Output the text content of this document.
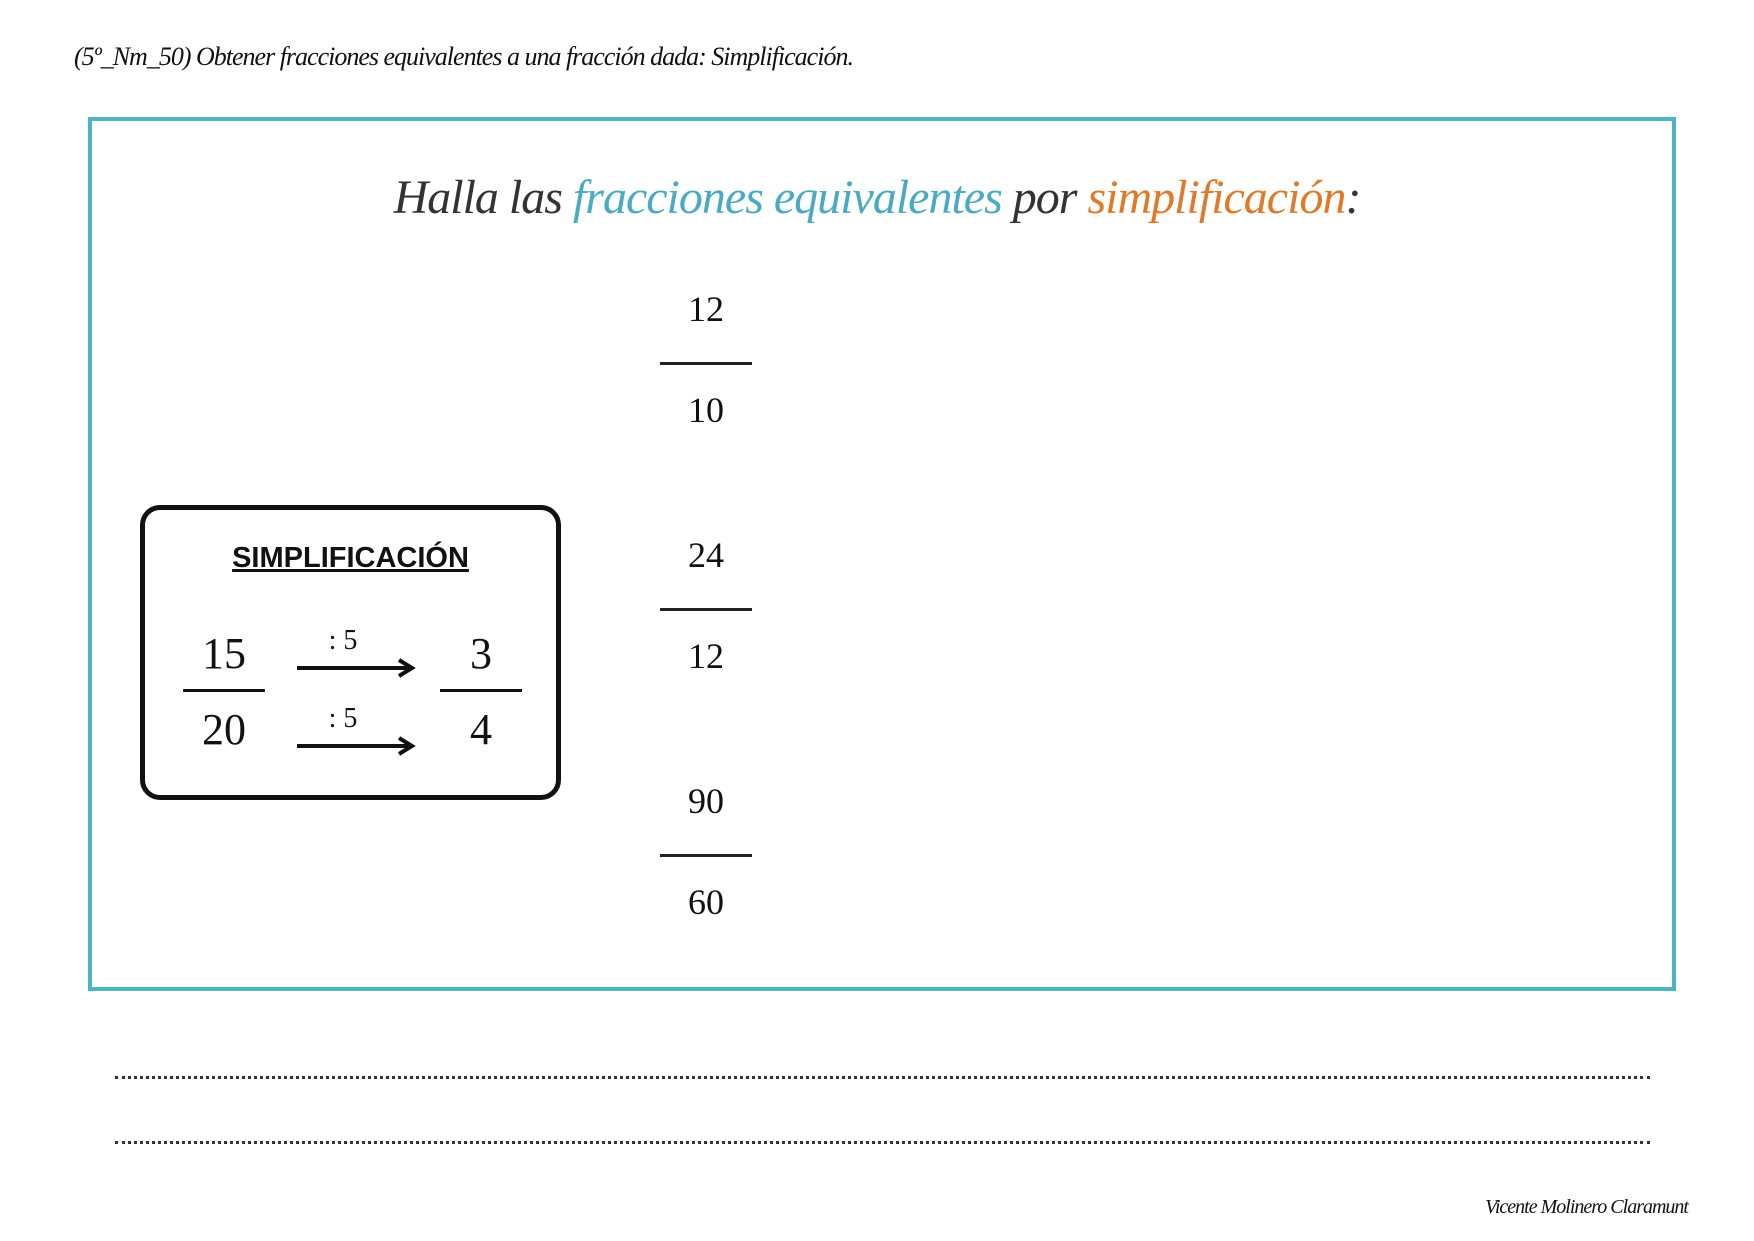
(5º_Nm_50) Obtener fracciones equivalentes a una fracción dada: Simplificación.
Halla las fracciones equivalentes por simplificación:
12
10
24
12
90
60
SIMPLIFICACIÓN
15
20
: 5
: 5
3
4
Vicente Molinero Claramunt
